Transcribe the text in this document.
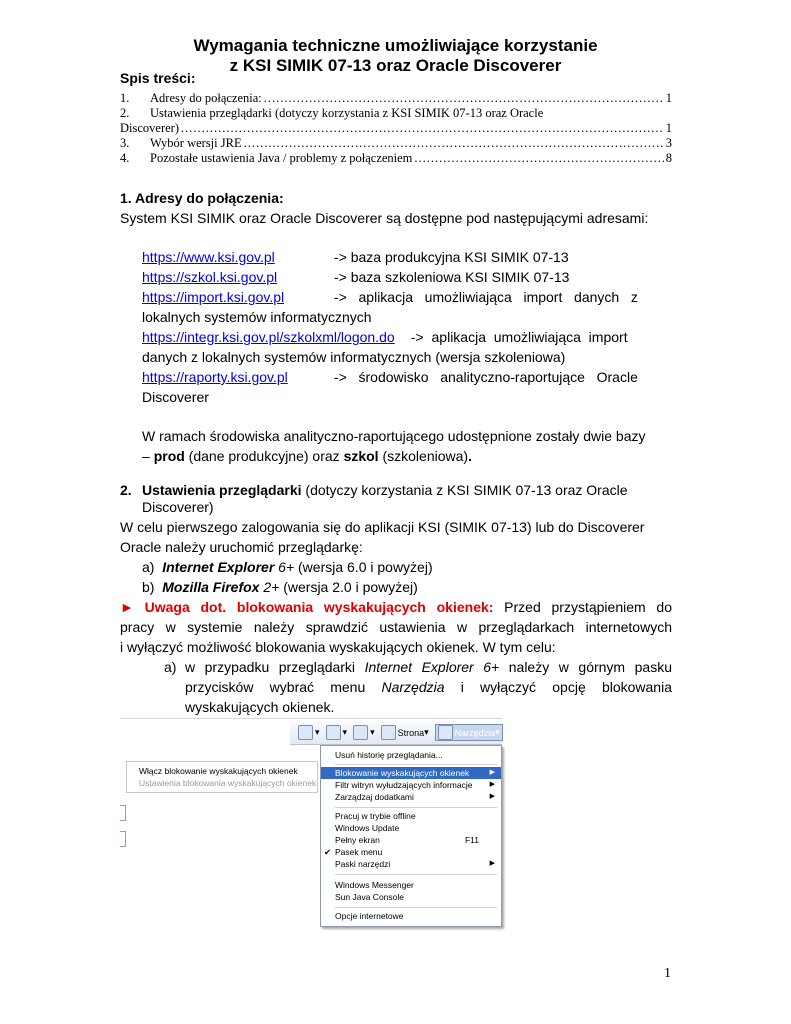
Wymagania techniczne umożliwiające korzystanie
z KSI SIMIK 07-13 oraz Oracle Discoverer
Spis treści:
1.	Adresy do połączenia: .....	1
2.	Ustawienia przeglądarki (dotyczy korzystania z KSI SIMIK 07-13 oraz Oracle
Discoverer) .....	1
3.	Wybór wersji JRE .....	3
4.	Pozostałe ustawienia Java / problemy z połączeniem .....	8
1. Adresy do połączenia:
System KSI SIMIK oraz Oracle Discoverer są dostępne pod następującymi adresami:
https://www.ksi.gov.pl	-> baza produkcyjna KSI SIMIK 07-13
https://szkol.ksi.gov.pl	-> baza szkoleniowa KSI SIMIK 07-13
https://import.ksi.gov.pl	->   aplikacja   umożliwiająca   import   danych   z
lokalnych systemów informatycznych
https://integr.ksi.gov.pl/szkolxml/logon.do ->  aplikacja  umożliwiająca  import
danych z lokalnych systemów informatycznych (wersja szkoleniowa)
https://raporty.ksi.gov.pl	->   środowisko   analityczno-raportujące   Oracle
Discoverer
W ramach środowiska analityczno-raportującego udostępnione zostały dwie bazy
– prod (dane produkcyjne) oraz szkol (szkoleniowa).
2. Ustawienia przeglądarki (dotyczy korzystania z KSI SIMIK 07-13 oraz Oracle
Discoverer)
W celu pierwszego zalogowania się do aplikacji KSI (SIMIK 07-13) lub do Discoverer
Oracle należy uruchomić przeglądarkę:
a) Internet Explorer 6+ (wersja 6.0 i powyżej)
b) Mozilla Firefox 2+ (wersja 2.0 i powyżej)
► Uwaga dot. blokowania wyskakujących okienek: Przed przystąpieniem do
pracy w systemie należy sprawdzić ustawienia w przeglądarkach internetowych
i wyłączyć możliwość blokowania wyskakujących okienek. W tym celu:
a) w przypadku przeglądarki Internet Explorer 6+ należy w górnym pasku
przycisków wybrać menu Narzędzia i wyłączyć opcję blokowania
wyskakujących okienek.
▾	▾	▾	Strona ▾	Narzędzia ▾
Włącz blokowanie wyskakujących okienek
Ustawienia blokowania wyskakujących okienek
Usuń historię przeglądania...
Blokowanie wyskakujących okienek	▶
Filtr witryn wyłudzających informacje ▶
Zarządzaj dodatkami	▶
Pracuj w trybie offline
Windows Update
Pełny ekran	F11
✔ Pasek menu
Paski narzędzi	▶
Windows Messenger
Sun Java Console
Opcje internetowe
1
